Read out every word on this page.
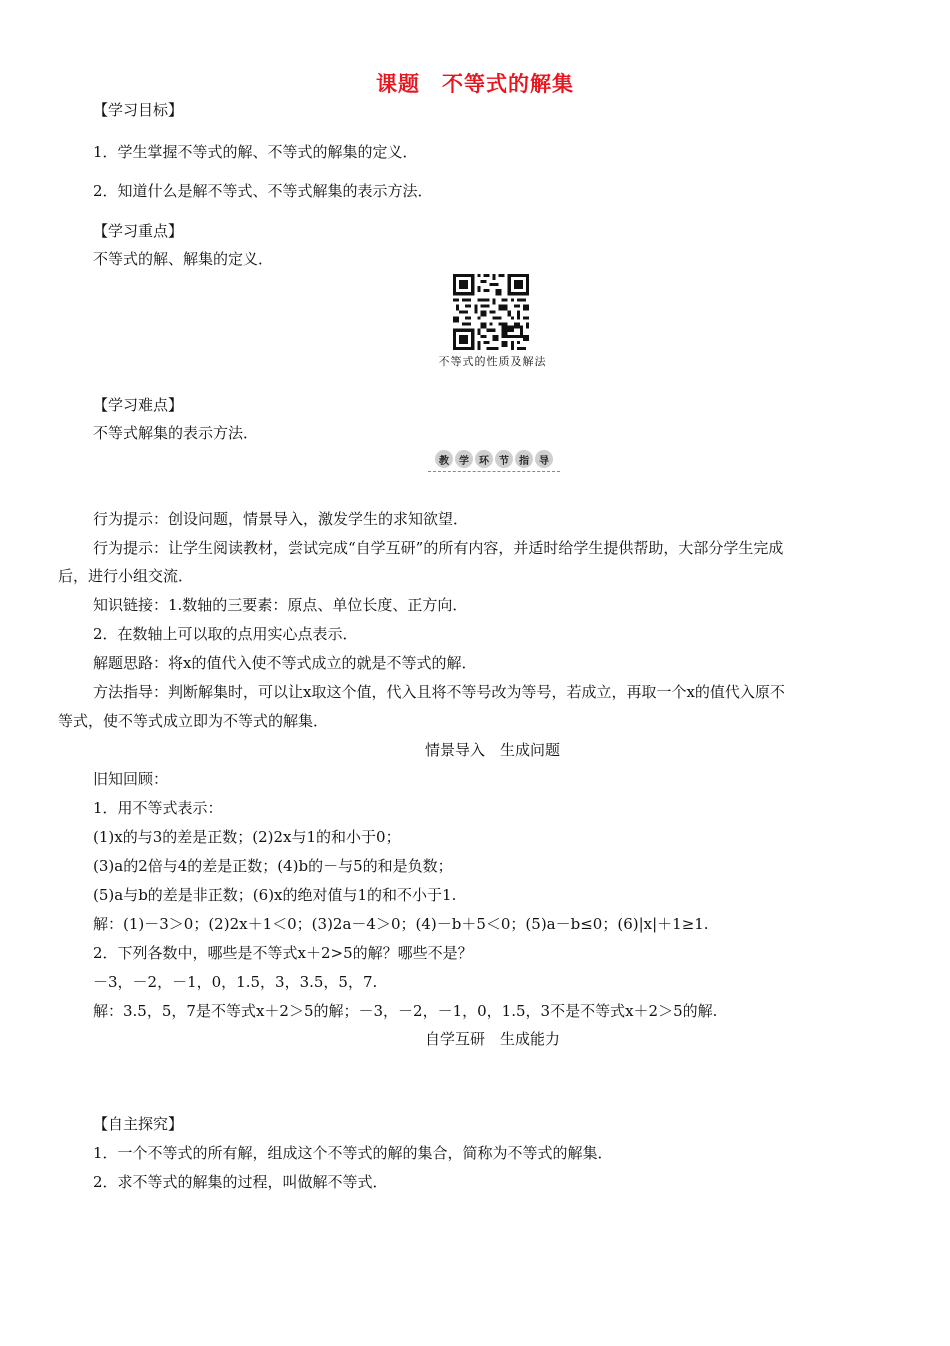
课题　不等式的解集
【学习目标】
1．学生掌握不等式的解、不等式的解集的定义．
2．知道什么是解不等式、不等式解集的表示方法．
【学习重点】
不等式的解、解集的定义．
不等式的性质及解法
【学习难点】
不等式解集的表示方法．
教	学	环	节	指	导
行为提示：创设问题，情景导入，激发学生的求知欲望．
行为提示：让学生阅读教材，尝试完成“自学互研”的所有内容，并适时给学生提供帮助，大部分学生完成
后，进行小组交流．
知识链接：1.数轴的三要素：原点、单位长度、正方向．
2．在数轴上可以取的点用实心点表示．
解题思路：将x的值代入使不等式成立的就是不等式的解．
方法指导：判断解集时，可以让x取这个值，代入且将不等号改为等号，若成立，再取一个x的值代入原不
等式，使不等式成立即为不等式的解集．
情景导入　生成问题
旧知回顾：
1．用不等式表示：
(1)x的与3的差是正数；(2)2x与1的和小于0；
(3)a的2倍与4的差是正数；(4)b的－与5的和是负数；
(5)a与b的差是非正数；(6)x的绝对值与1的和不小于1.
解：(1)－3＞0；(2)2x＋1＜0；(3)2a－4＞0；(4)－b＋5＜0；(5)a－b≤0；(6)|x|＋1≥1.
2．下列各数中，哪些是不等式x＋2>5的解？哪些不是？
－3，－2，－1，0，1.5，3，3.5，5，7.
解：3.5，5，7是不等式x＋2＞5的解；－3，－2，－1，0，1.5，3不是不等式x＋2＞5的解.
自学互研　生成能力
【自主探究】
1．一个不等式的所有解，组成这个不等式的解的集合，简称为不等式的解集．
2．求不等式的解集的过程，叫做解不等式．
